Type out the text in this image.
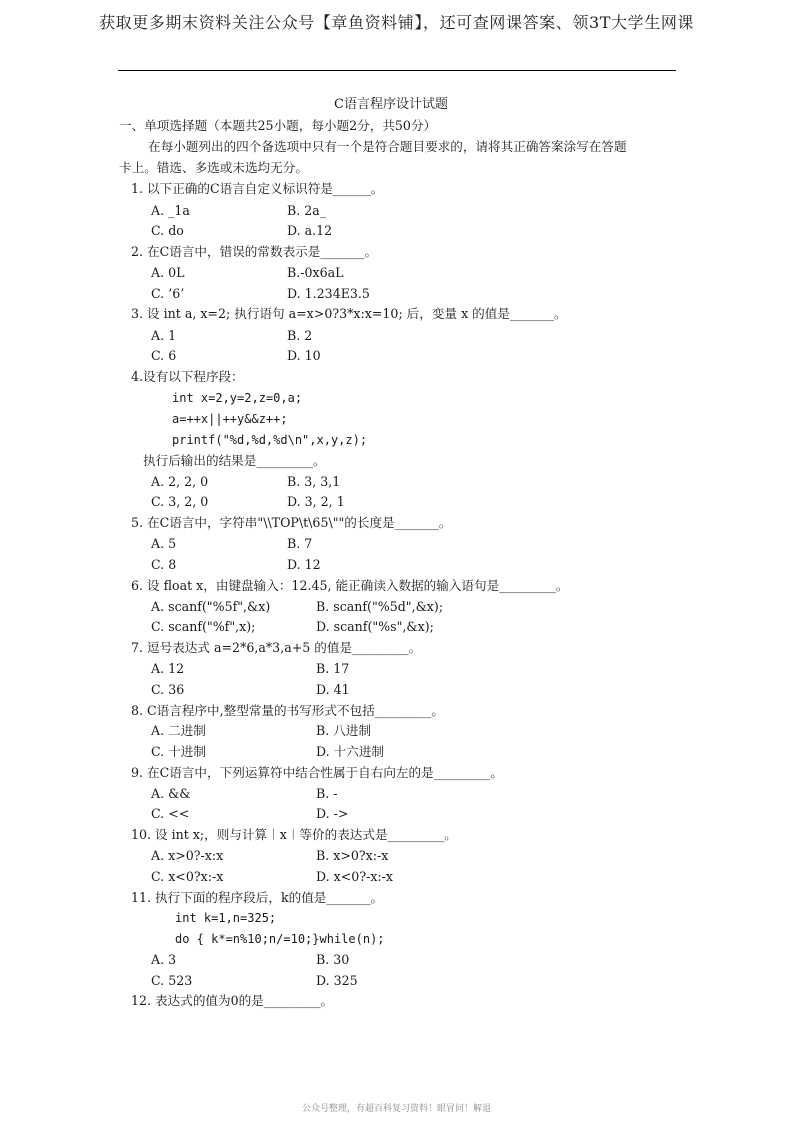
获取更多期末资料关注公众号【章鱼资料铺】，还可查网课答案、领3T大学生网课
C语言程序设计试题
一、单项选择题（本题共25小题，每小题2分，共50分）
在每小题列出的四个备选项中只有一个是符合题目要求的，请将其正确答案涂写在答题
卡上。错选、多选或未选均无分。
1. 以下正确的C语言自定义标识符是______。
A. _1a	B. 2a_
C. do	D. a.12
2. 在C语言中，错误的常数表示是_______。
A. 0L	B.-0x6aL
C. ’6’	D. 1.234E3.5
3. 设 int a, x=2; 执行语句 a=x>0?3*x:x=10; 后，变量 x 的值是_______。
A. 1	B. 2
C. 6	D. 10
4.设有以下程序段：
int x=2,y=2,z=0,a;
a=++x||++y&&z++;
printf("%d,%d,%d\n",x,y,z);
执行后输出的结果是_________。
A. 2, 2, 0	B. 3, 3,1
C. 3, 2, 0	D. 3, 2, 1
5. 在C语言中，字符串"\\TOP\t\65\""的长度是_______。
A. 5	B. 7
C. 8	D. 12
6. 设 float x，由键盘输入：12.45, 能正确读入数据的输入语句是_________。
A. scanf("%5f",&x)	B. scanf("%5d",&x);
C. scanf("%f",x);	D. scanf("%s",&x);
7. 逗号表达式 a=2*6,a*3,a+5 的值是_________。
A. 12	B. 17
C. 36	D. 41
8. C语言程序中,整型常量的书写形式不包括_________。
A. 二进制	B. 八进制
C. 十进制	D. 十六进制
9. 在C语言中，下列运算符中结合性属于自右向左的是_________。
A. &&	B. -
C. <<	D. ->
10. 设 int x;，则与计算︱x︱等价的表达式是_________。
A. x>0?-x:x	B. x>0?x:-x
C. x<0?x:-x	D. x<0?-x:-x
11. 执行下面的程序段后，k的值是_______。
int k=1,n=325;
do { k*=n%10;n/=10;}while(n);
A. 3	B. 30
C. 523	D. 325
12. 表达式的值为0的是_________。
公众号整理，有超百科复习资料！眼冒问！解退
